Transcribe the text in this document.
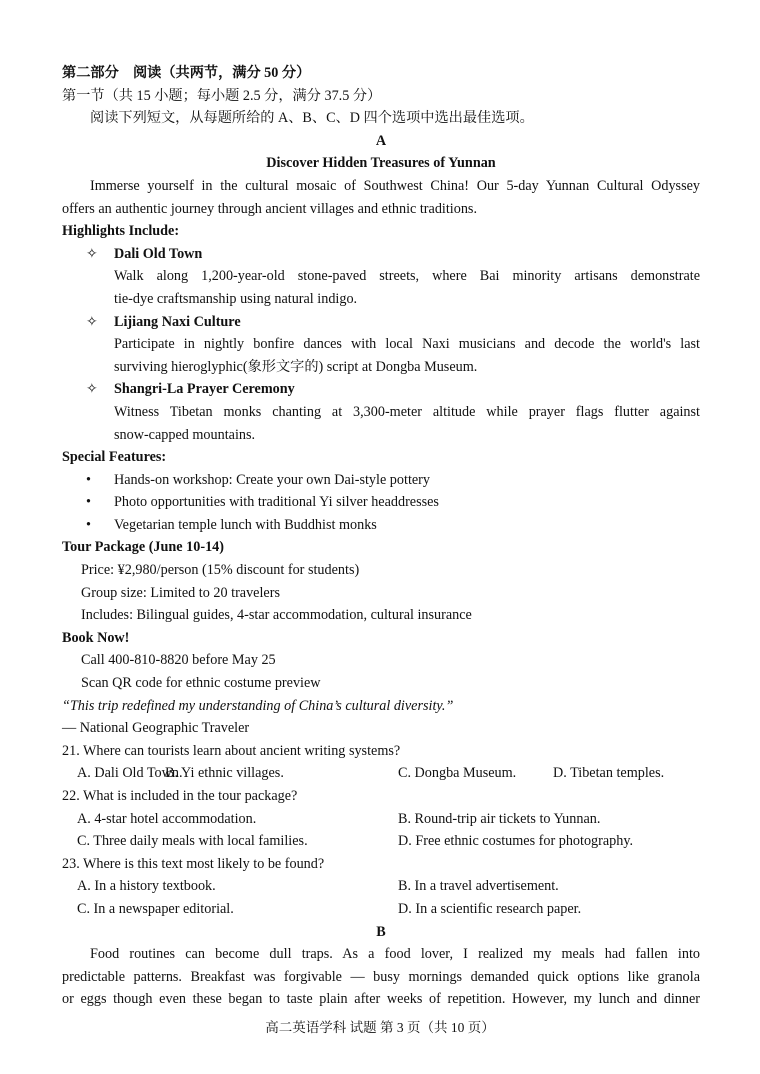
第二部分　阅读（共两节，满分 50 分）
第一节（共 15 小题；每小题 2.5 分，满分 37.5 分）
阅读下列短文，从每题所给的 A、B、C、D 四个选项中选出最佳选项。
A
Discover Hidden Treasures of Yunnan
Immerse yourself in the cultural mosaic of Southwest China! Our 5-day Yunnan Cultural Odyssey
offers an authentic journey through ancient villages and ethnic traditions.
Highlights Include:
✧ Dali Old Town
Walk along 1,200-year-old stone-paved streets, where Bai minority artisans demonstrate
tie-dye craftsmanship using natural indigo.
✧ Lijiang Naxi Culture
Participate in nightly bonfire dances with local Naxi musicians and decode the world's last
surviving hieroglyphic(象形文字的) script at Dongba Museum.
✧ Shangri-La Prayer Ceremony
Witness Tibetan monks chanting at 3,300-meter altitude while prayer flags flutter against
snow-capped mountains.
Special Features:
• Hands-on workshop: Create your own Dai-style pottery
• Photo opportunities with traditional Yi silver headdresses
• Vegetarian temple lunch with Buddhist monks
Tour Package (June 10-14)
Price: ¥2,980/person (15% discount for students)
Group size: Limited to 20 travelers
Includes: Bilingual guides, 4-star accommodation, cultural insurance
Book Now!
Call 400-810-8820 before May 25
Scan QR code for ethnic costume preview
“This trip redefined my understanding of China’s cultural diversity.”
— National Geographic Traveler
21. Where can tourists learn about ancient writing systems?
A. Dali Old Town.
B. Yi ethnic villages.	C. Dongba Museum.	D. Tibetan temples.
22. What is included in the tour package?
A. 4-star hotel accommodation.	B. Round-trip air tickets to Yunnan.
C. Three daily meals with local families.	D. Free ethnic costumes for photography.
23. Where is this text most likely to be found?
A. In a history textbook.	B. In a travel advertisement.
C. In a newspaper editorial.	D. In a scientific research paper.
B
Food routines can become dull traps. As a food lover, I realized my meals had fallen into
predictable patterns. Breakfast was forgivable — busy mornings demanded quick options like granola
or eggs though even these began to taste plain after weeks of repetition. However, my lunch and dinner
高二英语学科 试题 第 3 页（共 10 页）
